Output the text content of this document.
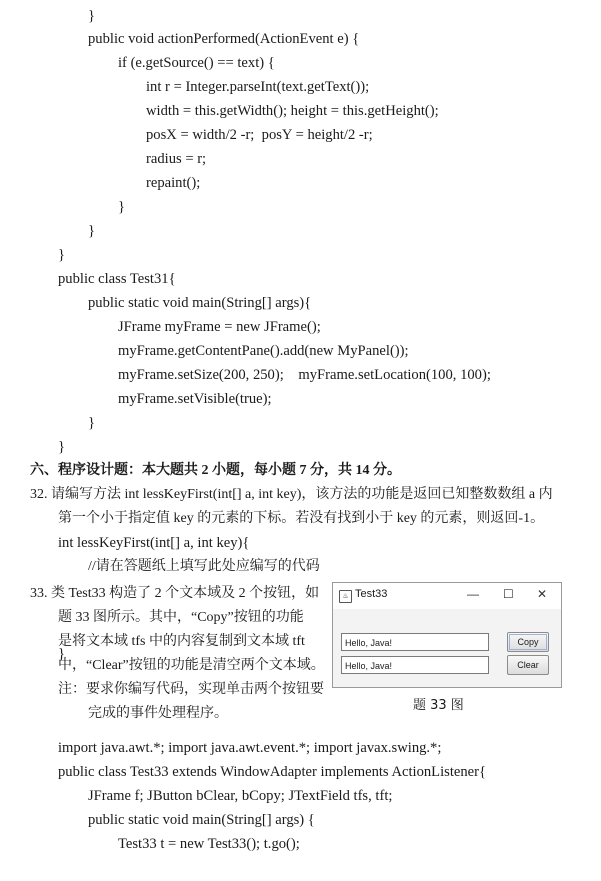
}
public void actionPerformed(ActionEvent e) {
if (e.getSource() == text) {
int r = Integer.parseInt(text.getText());
width = this.getWidth(); height = this.getHeight();
posX = width/2 -r;  posY = height/2 -r;
radius = r;
repaint();
}
}
}
public class Test31{
public static void main(String[] args){
JFrame myFrame = new JFrame();
myFrame.getContentPane().add(new MyPanel());
myFrame.setSize(200, 250);    myFrame.setLocation(100, 100);
myFrame.setVisible(true);
}
}
六、程序设计题：本大题共 2 小题，每小题 7 分，共 14 分。
32. 请编写方法 int lessKeyFirst(int[] a, int key)，该方法的功能是返回已知整数数组 a 内
第一个小于指定值 key 的元素的下标。若没有找到小于 key 的元素，则返回-1。
int lessKeyFirst(int[] a, int key){
//请在答题纸上填写此处应编写的代码
}
33. 类 Test33 构造了 2 个文本域及 2 个按钮，如
题 33 图所示。其中，“Copy”按钮的功能
是将文本域 tfs 中的内容复制到文本域 tft
中，“Clear”按钮的功能是清空两个文本域。
注：要求你编写代码，实现单击两个按钮要
完成的事件处理程序。
♨ Test33	— ☐ ✕
Hello, Java!	Copy
Hello, Java!	Clear
题 33 图
import java.awt.*; import java.awt.event.*; import javax.swing.*;
public class Test33 extends WindowAdapter implements ActionListener{
JFrame f; JButton bClear, bCopy; JTextField tfs, tft;
public static void main(String[] args) {
Test33 t = new Test33(); t.go();
